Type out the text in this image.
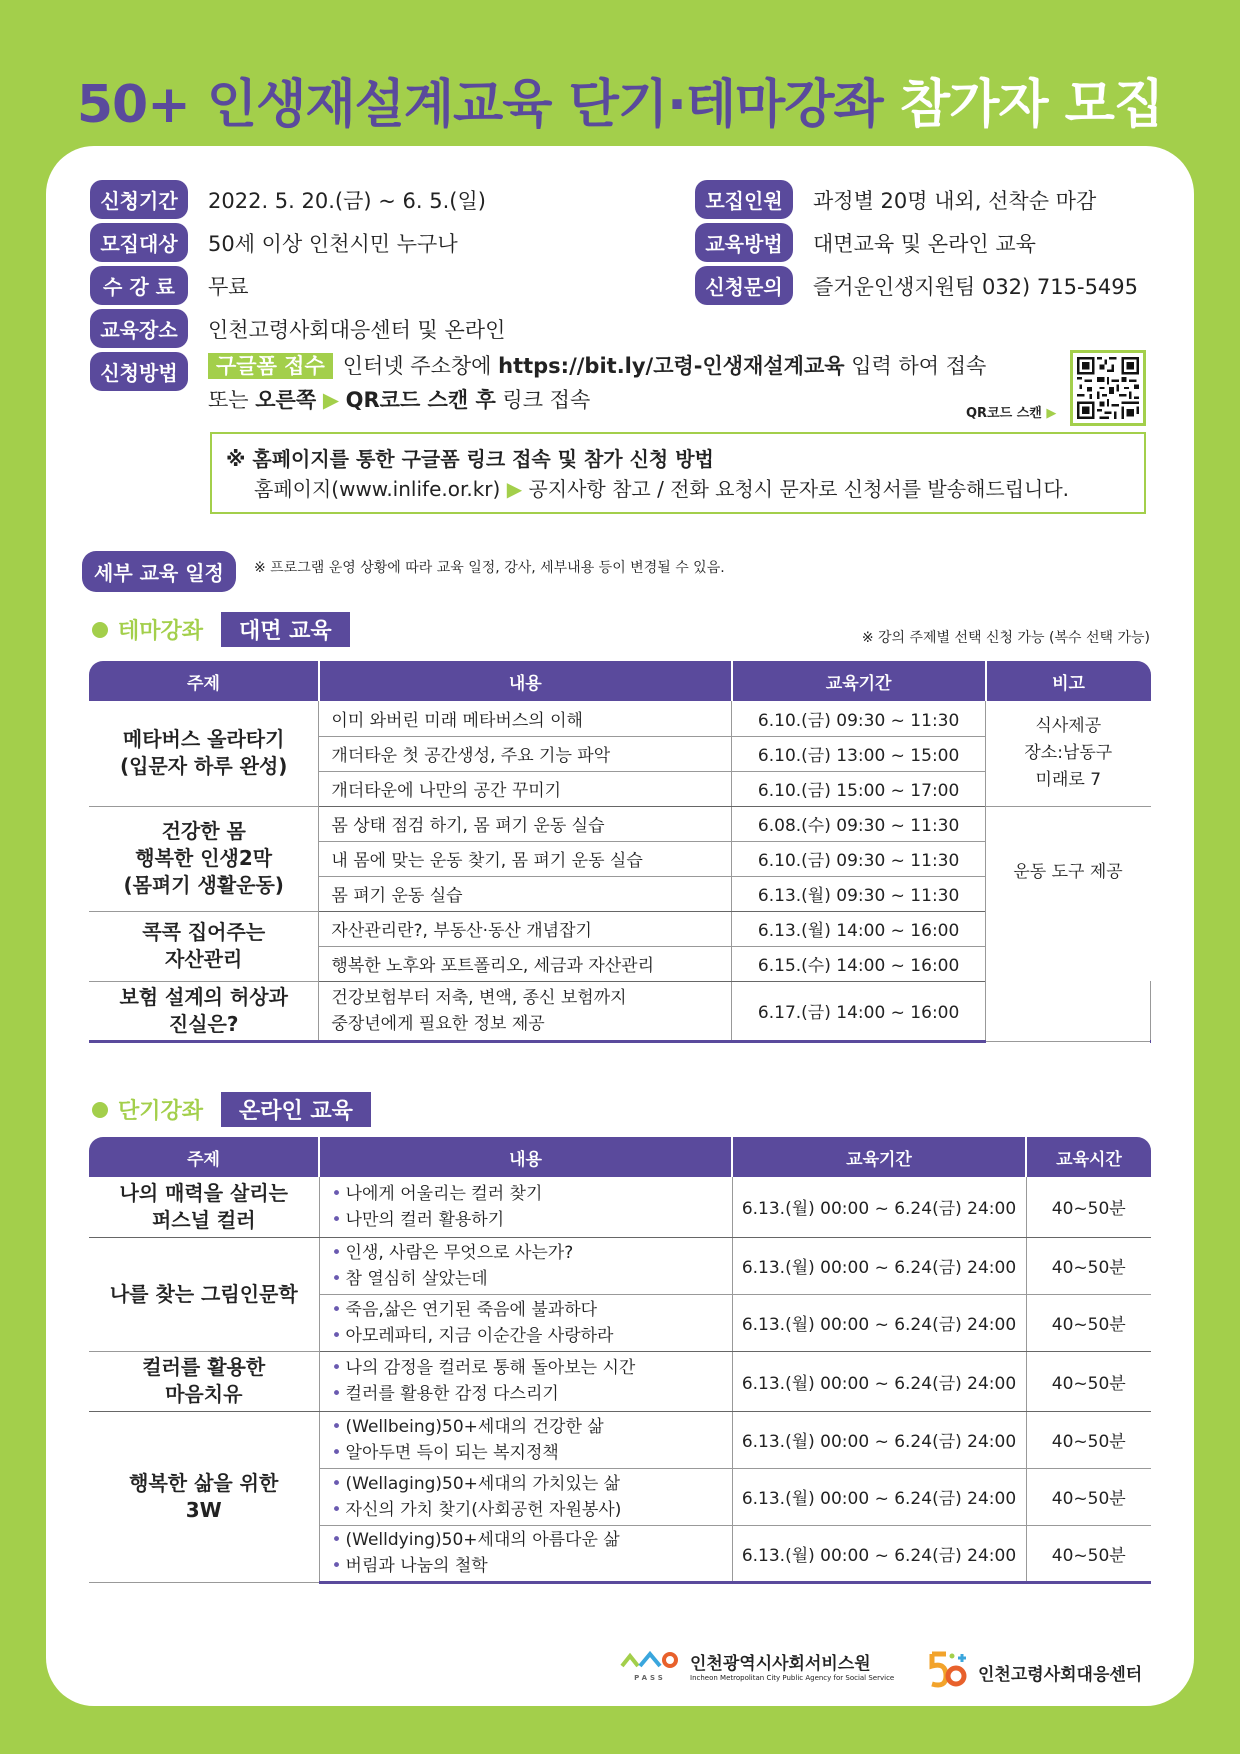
50+ 인생재설계교육 단기·테마강좌 참가자 모집
신청기간	2022. 5. 20.(금) ~ 6. 5.(일)
모집대상	50세 이상 인천시민 누구나
수 강 료	무료
교육장소	인천고령사회대응센터 및 온라인
모집인원	과정별 20명 내외, 선착순 마감
교육방법	대면교육 및 온라인 교육
신청문의	즐거운인생지원팀 032) 715-5495
신청방법	구글폼 접수 인터넷 주소창에 https://bit.ly/고령-인생재설계교육 입력 하여 접속
또는 오른쪽 ▶ QR코드 스캔 후 링크 접속
QR코드 스캔 ▶
※ 홈페이지를 통한 구글폼 링크 접속 및 참가 신청 방법
홈페이지(www.inlife.or.kr) ▶ 공지사항 참고 / 전화 요청시 문자로 신청서를 발송해드립니다.
세부 교육 일정	※ 프로그램 운영 상황에 따라 교육 일정, 강사, 세부내용 등이 변경될 수 있음.
테마강좌	대면 교육	※ 강의 주제별 선택 신청 가능 (복수 선택 가능)
주제	내용	교육기간	비고	
메타버스 올라타기
(입문자 하루 완성)	이미 와버린 미래 메타버스의 이해	6.10.(금) 09:30 ~ 11:30	식사제공
장소:남동구
미래로 7	
	개더타운 첫 공간생성, 주요 기능 파악	6.10.(금) 13:00 ~ 15:00		
	개더타운에 나만의 공간 꾸미기	6.10.(금) 15:00 ~ 17:00		
건강한 몸
행복한 인생2막
(몸펴기 생활운동)	몸 상태 점검 하기, 몸 펴기 운동 실습	6.08.(수) 09:30 ~ 11:30	운동 도구 제공	
	내 몸에 맞는 운동 찾기, 몸 펴기 운동 실습	6.10.(금) 09:30 ~ 11:30		
	몸 펴기 운동 실습	6.13.(월) 09:30 ~ 11:30		
콕콕 집어주는
자산관리	자산관리란?, 부동산·동산 개념잡기	6.13.(월) 14:00 ~ 16:00		
	행복한 노후와 포트폴리오, 세금과 자산관리	6.15.(수) 14:00 ~ 16:00		
보험 설계의 허상과
진실은?	건강보험부터 저축, 변액, 종신 보험까지
중장년에게 필요한 정보 제공	6.17.(금) 14:00 ~ 16:00		
단기강좌	온라인 교육
주제	내용	교육기간	교육시간
나의 매력을 살리는
퍼스널 컬러	• 나에게 어울리는 컬러 찾기
• 나만의 컬러 활용하기	6.13.(월) 00:00 ~ 6.24(금) 24:00	40~50분
나를 찾는 그림인문학	• 인생, 사람은 무엇으로 사는가?
• 참 열심히 살았는데	6.13.(월) 00:00 ~ 6.24(금) 24:00	40~50분
	• 죽음,삶은 연기된 죽음에 불과하다
• 아모레파티, 지금 이순간을 사랑하라	6.13.(월) 00:00 ~ 6.24(금) 24:00	40~50분
컬러를 활용한
마음치유	• 나의 감정을 컬러로 통해 돌아보는 시간
• 컬러를 활용한 감정 다스리기	6.13.(월) 00:00 ~ 6.24(금) 24:00	40~50분
행복한 삶을 위한
3W	• (Wellbeing)50+세대의 건강한 삶
• 알아두면 득이 되는 복지정책	6.13.(월) 00:00 ~ 6.24(금) 24:00	40~50분
	• (Wellaging)50+세대의 가치있는 삶
• 자신의 가치 찾기(사회공헌 자원봉사)	6.13.(월) 00:00 ~ 6.24(금) 24:00	40~50분
	• (Welldying)50+세대의 아름다운 삶
• 버림과 나눔의 철학	6.13.(월) 00:00 ~ 6.24(금) 24:00	40~50분
PASS
인천광역시사회서비스원
Incheon Metropolitan City Public Agency for Social Service	인천고령사회대응센터
